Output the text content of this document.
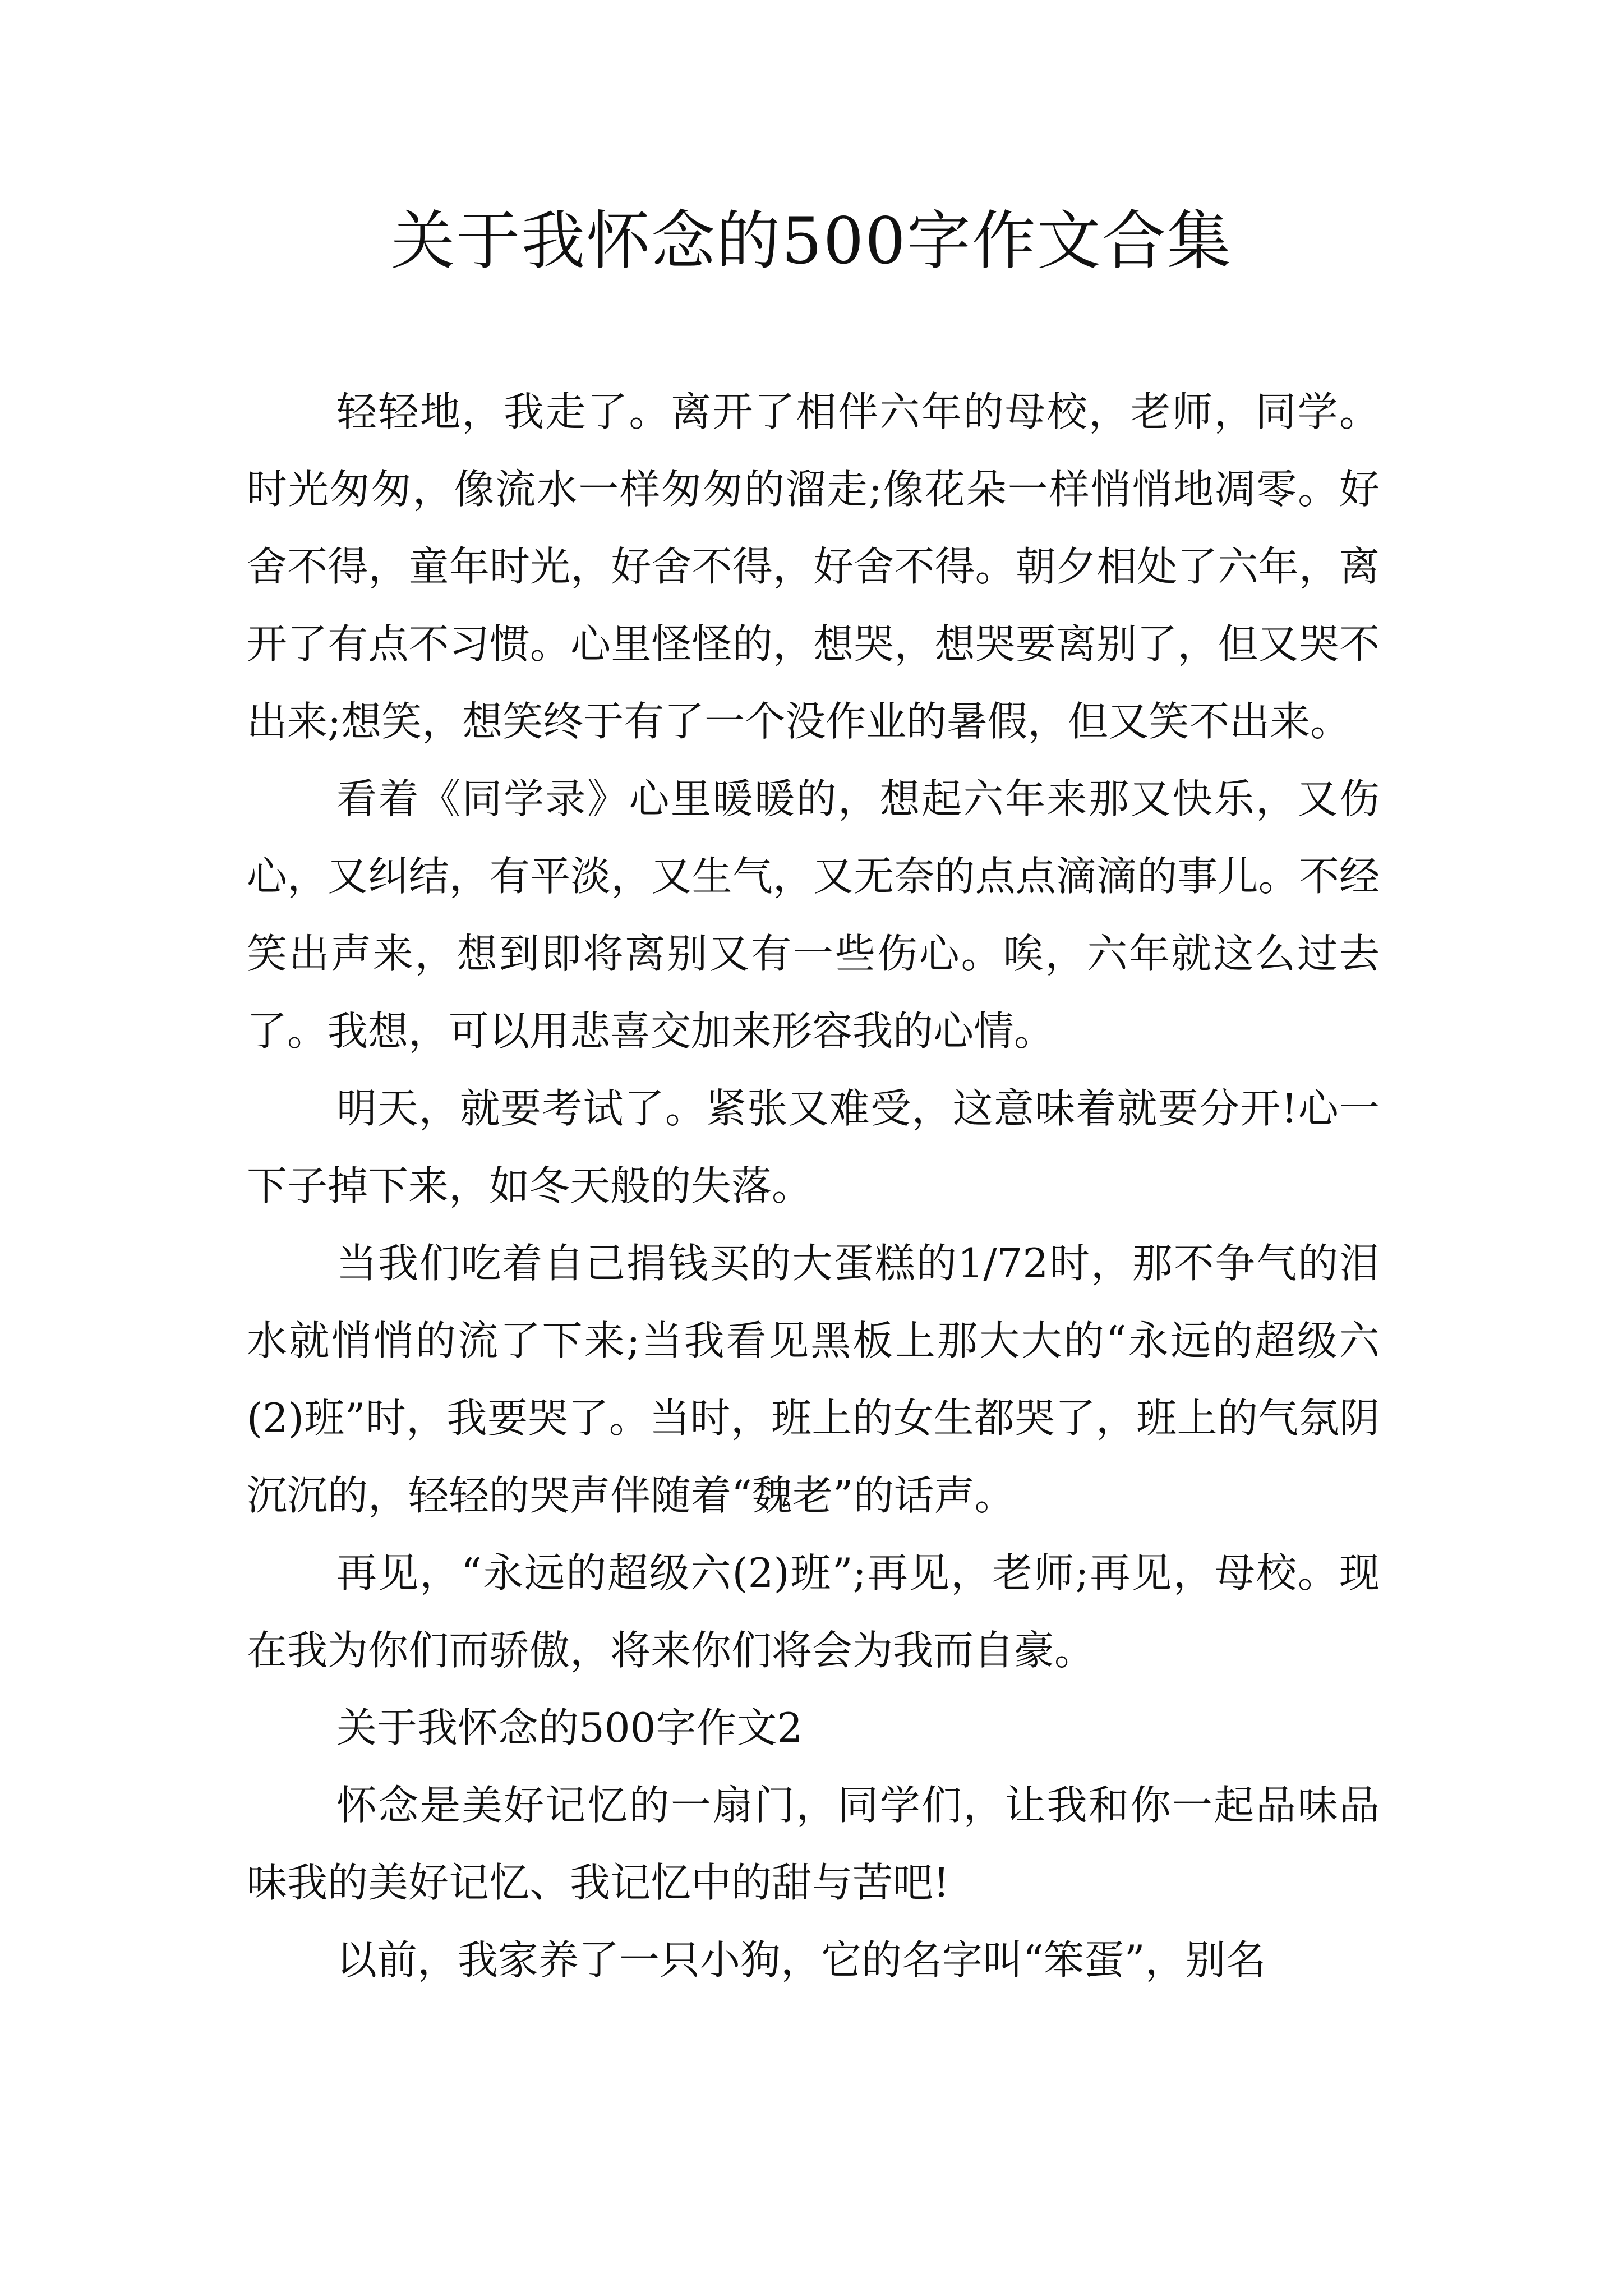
关于我怀念的500字作文合集

轻轻地，我走了。离开了相伴六年的母校，老师，同学。时光匆匆，像流水一样匆匆的溜走;像花朵一样悄悄地凋零。好舍不得，童年时光，好舍不得，好舍不得。朝夕相处了六年，离开了有点不习惯。心里怪怪的，想哭，想哭要离别了，但又哭不出来;想笑，想笑终于有了一个没作业的暑假，但又笑不出来。

看着《同学录》心里暖暖的，想起六年来那又快乐，又伤心，又纠结，有平淡，又生气，又无奈的点点滴滴的事儿。不经笑出声来，想到即将离别又有一些伤心。唉，六年就这么过去了。我想，可以用悲喜交加来形容我的心情。

明天，就要考试了。紧张又难受，这意味着就要分开!心一下子掉下来，如冬天般的失落。

当我们吃着自己捐钱买的大蛋糕的1/72时，那不争气的泪水就悄悄的流了下来;当我看见黑板上那大大的“永远的超级六(2)班”时，我要哭了。当时，班上的女生都哭了，班上的气氛阴沉沉的，轻轻的哭声伴随着“魏老”的话声。

再见，“永远的超级六(2)班”;再见，老师;再见，母校。现在我为你们而骄傲，将来你们将会为我而自豪。

关于我怀念的500字作文2

怀念是美好记忆的一扇门，同学们，让我和你一起品味品味我的美好记忆、我记忆中的甜与苦吧!

以前，我家养了一只小狗，它的名字叫“笨蛋”，别名
